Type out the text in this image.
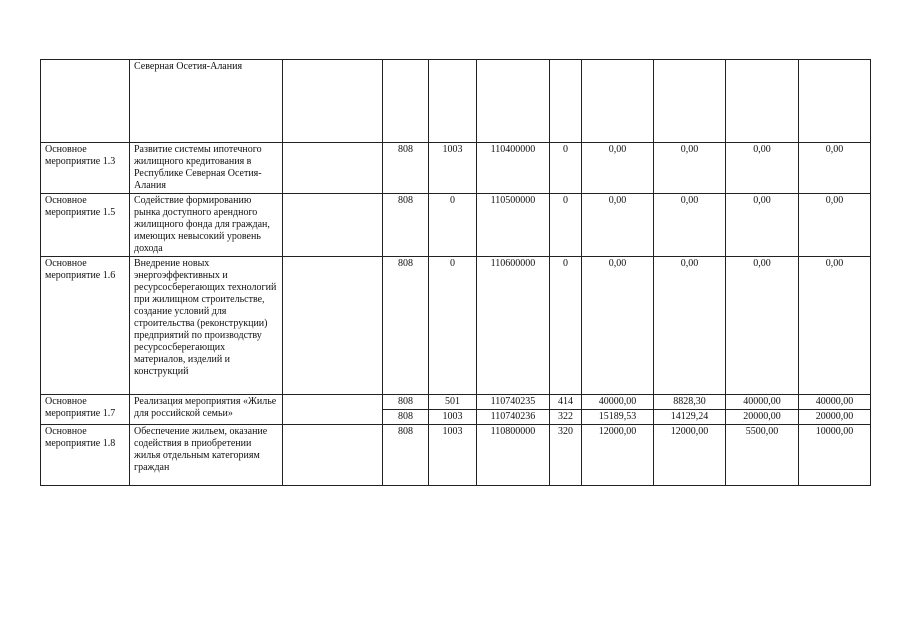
	Северная Осетия-Алания									
Основное мероприятие 1.3	Развитие системы ипотечного жилищного кредитования в Республике Северная Осетия-Алания		808	1003	110400000	0	0,00	0,00	0,00	0,00
Основное мероприятие 1.5	Содействие формированию рынка доступного арендного жилищного фонда для граждан, имеющих невысокий уровень дохода		808	0	110500000	0	0,00	0,00	0,00	0,00
Основное мероприятие 1.6	Внедрение новых энергоэффективных и ресурсосберегающих технологий при жилищном строительстве, создание условий для строительства (реконструкции) предприятий по производству ресурсосберегающих материалов, изделий и конструкций		808	0	110600000	0	0,00	0,00	0,00	0,00
Основное мероприятие 1.7	Реализация мероприятия «Жилье для российской семьи»		808	501	110740235	414	40000,00	8828,30	40000,00	40000,00
			808	1003	110740236	322	15189,53	14129,24	20000,00	20000,00
Основное мероприятие 1.8	Обеспечение жильем, оказание содействия в приобретении жилья отдельным категориям граждан		808	1003	110800000	320	12000,00	12000,00	5500,00	10000,00
